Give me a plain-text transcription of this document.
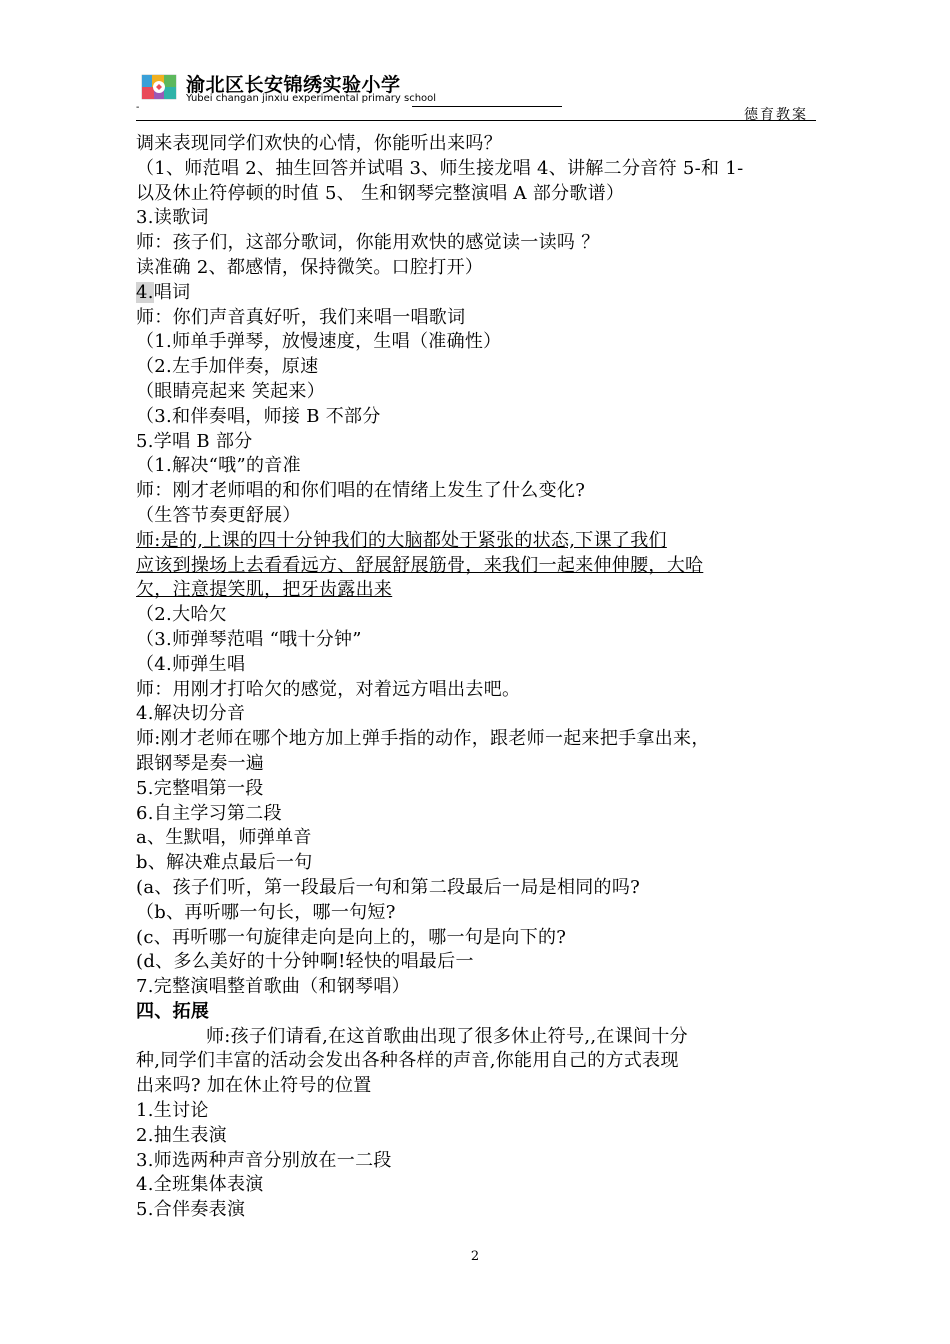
渝北区长安锦绣实验小学
Yubei changan jinxiu experimental primary school
-	德育教案
调来表现同学们欢快的心情，你能听出来吗？
（1、师范唱 2、抽生回答并试唱 3、师生接龙唱 4、讲解二分音符 5-和 1-
以及休止符停顿的时值 5、 生和钢琴完整演唱 A 部分歌谱）
3.读歌词
师：孩子们，这部分歌词，你能用欢快的感觉读一读吗 ？
读准确 2、都感情，保持微笑。口腔打开）
4.唱词
师：你们声音真好听，我们来唱一唱歌词
（1.师单手弹琴，放慢速度，生唱（准确性）
（2.左手加伴奏，原速
（眼睛亮起来 笑起来）
（3.和伴奏唱，师接 B 不部分
5.学唱 B 部分
（1.解决“哦”的音准
师：刚才老师唱的和你们唱的在情绪上发生了什么变化?
（生答节奏更舒展）
师:是的,上课的四十分钟我们的大脑都处于紧张的状态,下课了我们
应该到操场上去看看远方、舒展舒展筋骨，来我们一起来伸伸腰，大哈
欠，注意提笑肌，把牙齿露出来
（2.大哈欠
（3.师弹琴范唱 “哦十分钟”
（4.师弹生唱
师：用刚才打哈欠的感觉，对着远方唱出去吧。
4.解决切分音
师:刚才老师在哪个地方加上弹手指的动作，跟老师一起来把手拿出来，
跟钢琴是奏一遍
5.完整唱第一段
6.自主学习第二段
a、生默唱，师弹单音
b、解决难点最后一句
(a、孩子们听，第一段最后一句和第二段最后一局是相同的吗?
（b、再听哪一句长，哪一句短?
(c、再听哪一句旋律走向是向上的，哪一句是向下的?
(d、多么美好的十分钟啊!轻快的唱最后一
7.完整演唱整首歌曲（和钢琴唱）
四、拓展
师:孩子们请看,在这首歌曲出现了很多休止符号,,在课间十分
种,同学们丰富的活动会发出各种各样的声音,你能用自己的方式表现
出来吗? 加在休止符号的位置
1.生讨论
2.抽生表演
3.师选两种声音分别放在一二段
4.全班集体表演
5.合伴奏表演
2
